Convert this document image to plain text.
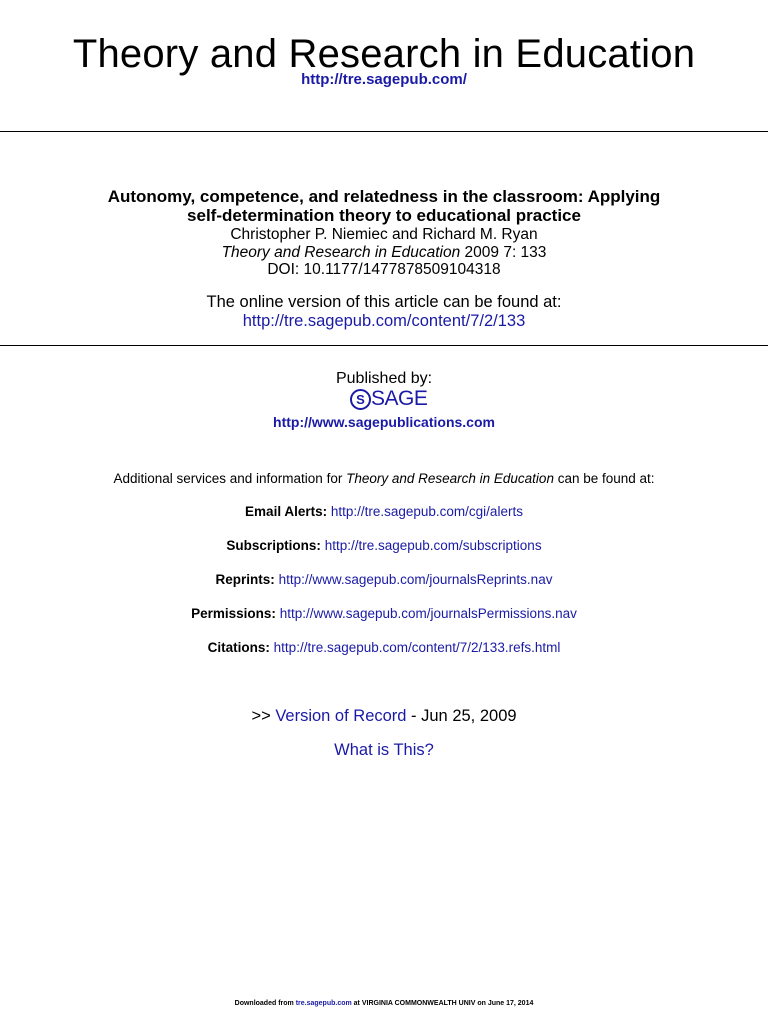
Theory and Research in Education
http://tre.sagepub.com/
Autonomy, competence, and relatedness in the classroom: Applying
self-determination theory to educational practice
Christopher P. Niemiec and Richard M. Ryan
Theory and Research in Education 2009 7: 133
DOI: 10.1177/1477878509104318
The online version of this article can be found at:
http://tre.sagepub.com/content/7/2/133
Published by:
S SAGE
http://www.sagepublications.com
Additional services and information for Theory and Research in Education can be found at:
Email Alerts: http://tre.sagepub.com/cgi/alerts
Subscriptions: http://tre.sagepub.com/subscriptions
Reprints: http://www.sagepub.com/journalsReprints.nav
Permissions: http://www.sagepub.com/journalsPermissions.nav
Citations: http://tre.sagepub.com/content/7/2/133.refs.html
>> Version of Record - Jun 25, 2009
What is This?
Downloaded from tre.sagepub.com at VIRGINIA COMMONWEALTH UNIV on June 17, 2014
